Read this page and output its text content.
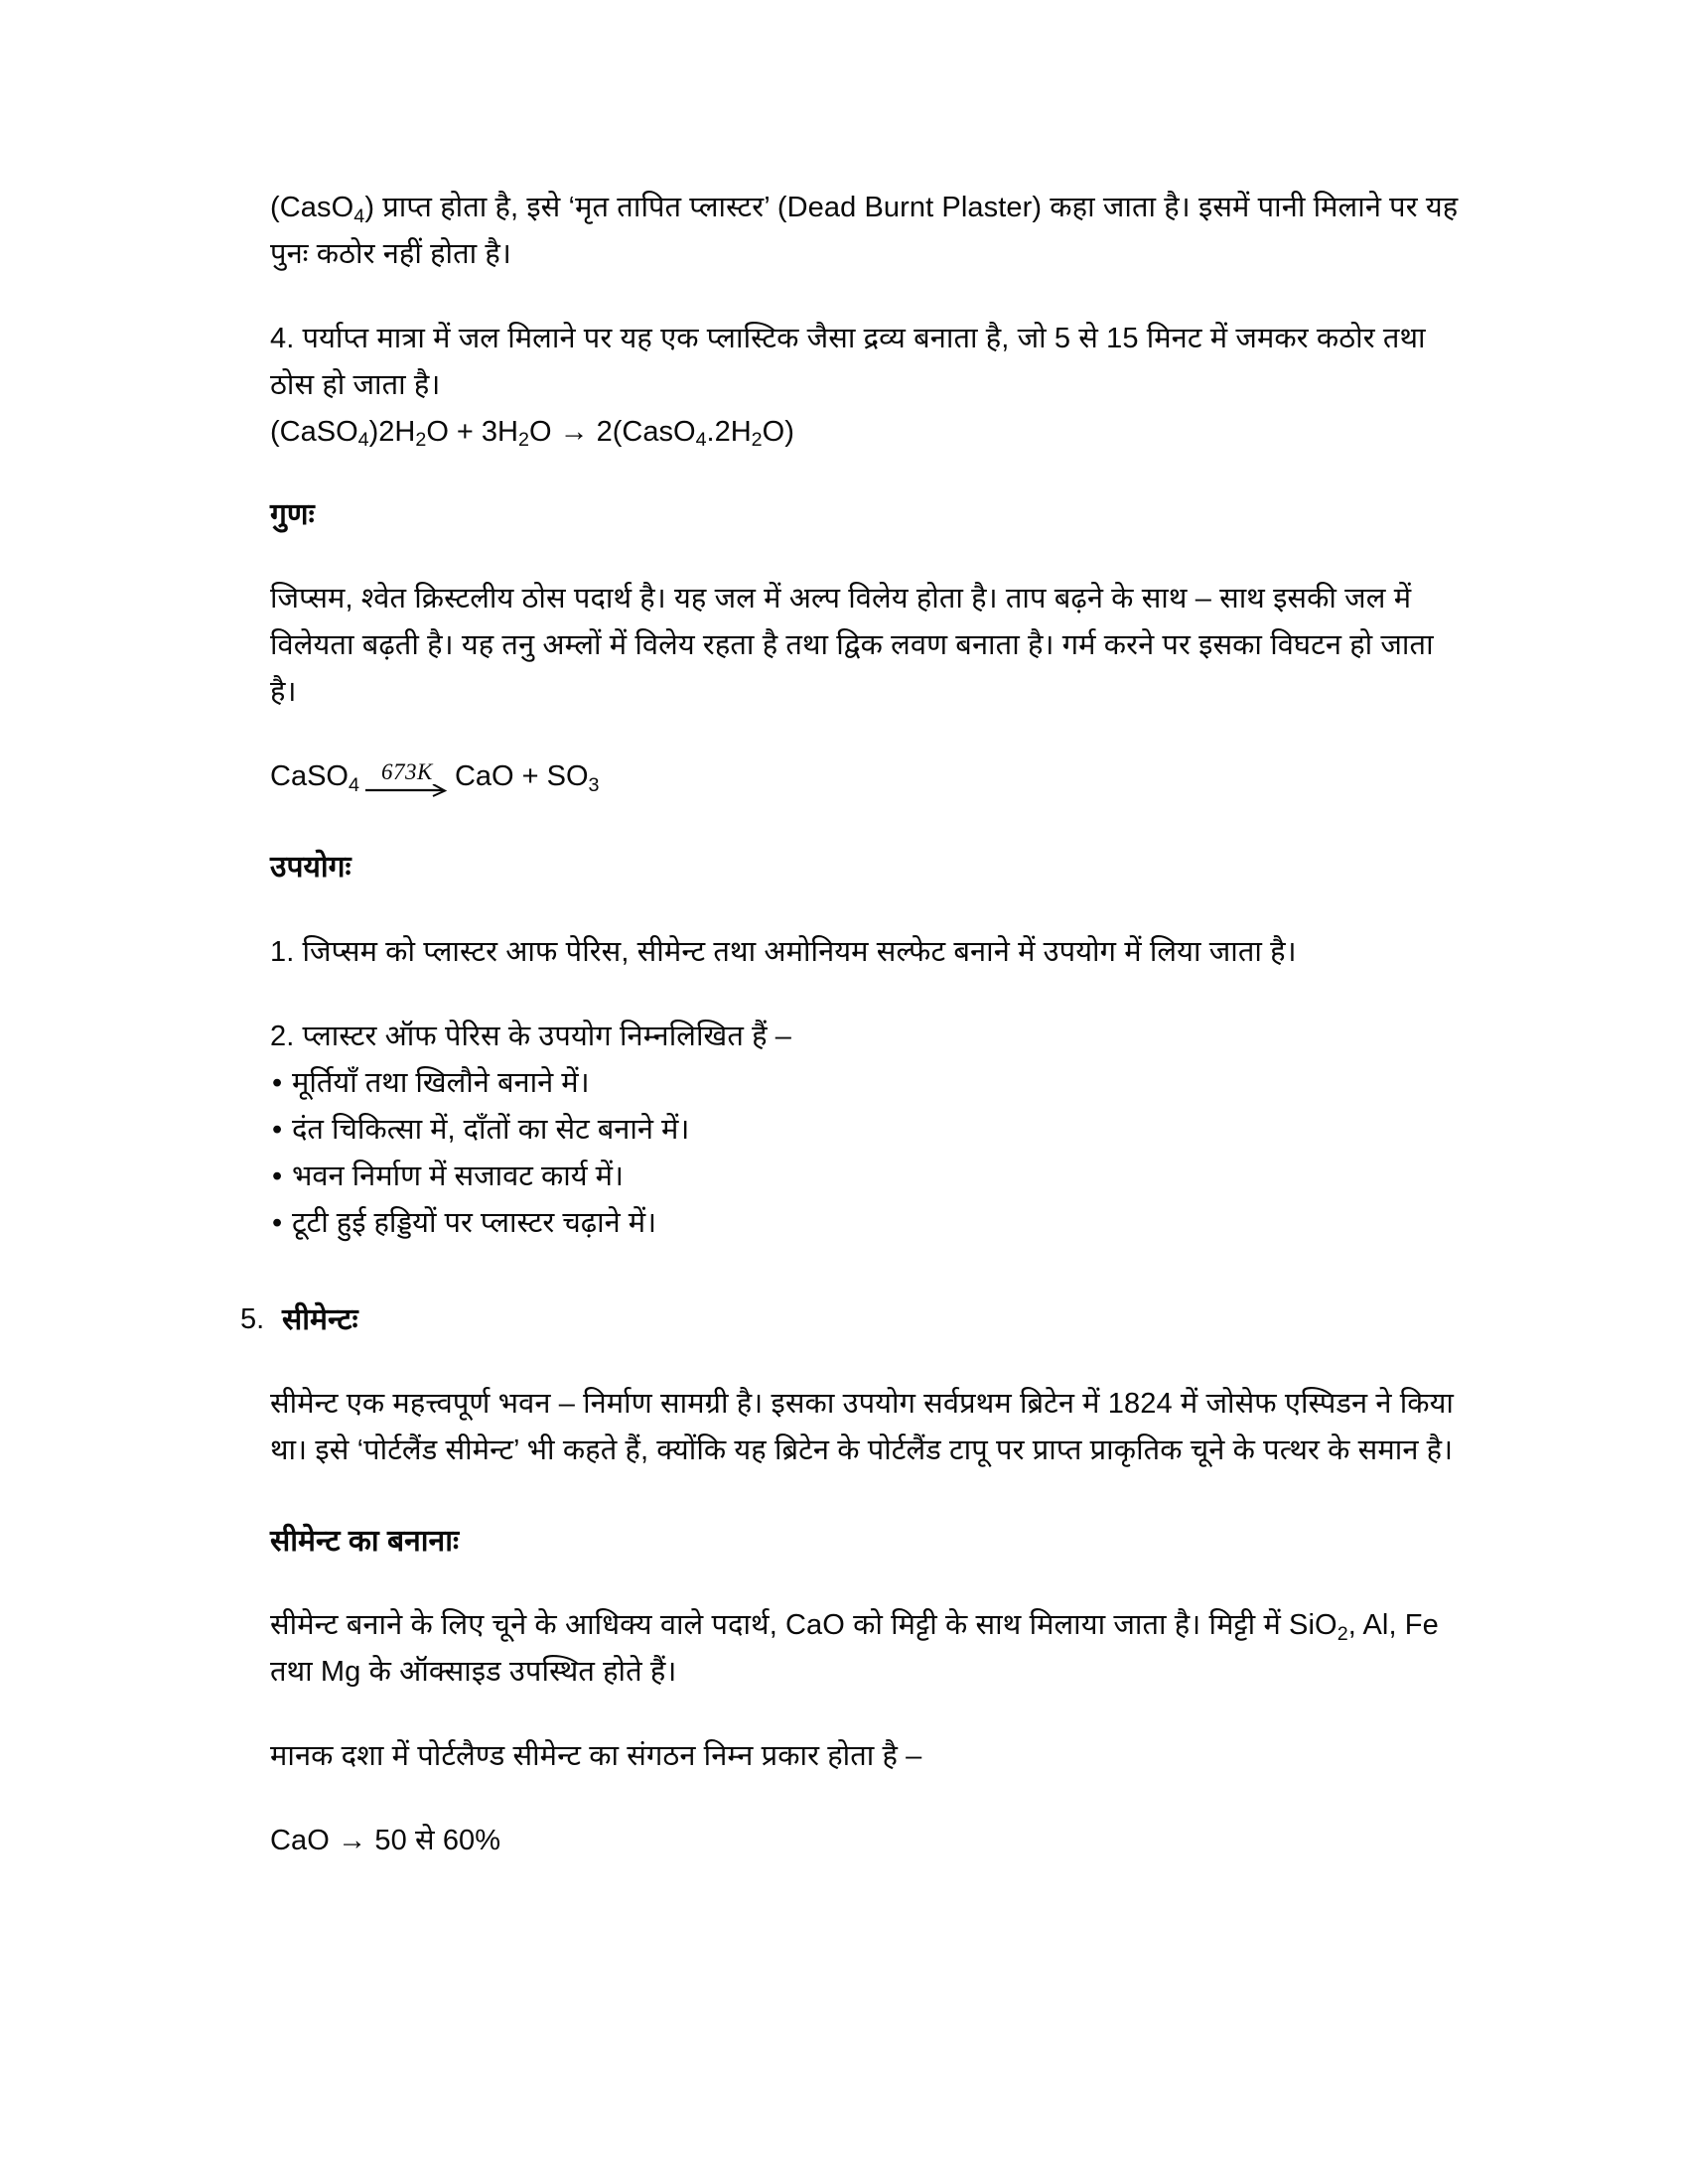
(CasO$_4$) प्राप्त होता है, इसे ‘मृत तापित प्लास्टर’ (Dead Burnt Plaster) कहा जाता है। इसमें पानी मिलाने पर यह पुनः कठोर नहीं होता है।

4. पर्याप्त मात्रा में जल मिलाने पर यह एक प्लास्टिक जैसा द्रव्य बनाता है, जो 5 से 15 मिनट में जमकर कठोर तथा ठोस हो जाता है।

$(CaSO_4)2H_2O + 3H_2O$ → $2(CasO_4.2H_2O)$

गुणः

जिप्सम, श्वेत क्रिस्टलीय ठोस पदार्थ है। यह जल में अल्प विलेय होता है। ताप बढ़ने के साथ – साथ इसकी जल में विलेयता बढ़ती है। यह तनु अम्लों में विलेय रहता है तथा द्विक लवण बनाता है। गर्म करने पर इसका विघटन हो जाता है।

CaSO$_4$
673K CaO + $SO_3$
उपयोगः

1. जिप्सम को प्लास्टर आफ पेरिस, सीमेन्ट तथा अमोनियम सल्फेट बनाने में उपयोग में लिया जाता है।

2. प्लास्टर ऑफ पेरिस के उपयोग निम्नलिखित हैं –

• मूर्तियाँ तथा खिलौने बनाने में।
• दंत चिकित्सा में, दाँतों का सेट बनाने में।
• भवन निर्माण में सजावट कार्य में।
• टूटी हुई हड्डियों पर प्लास्टर चढ़ाने में।
5. सीमेन्टः

सीमेन्ट एक महत्त्वपूर्ण भवन – निर्माण सामग्री है। इसका उपयोग सर्वप्रथम ब्रिटेन में 1824 में जोसेफ एस्पिडन ने किया था। इसे ‘पोर्टलैंड सीमेन्ट’ भी कहते हैं, क्योंकि यह ब्रिटेन के पोर्टलैंड टापू पर प्राप्त प्राकृतिक चूने के पत्थर के समान है।

सीमेन्ट का बनानाः

सीमेन्ट बनाने के लिए चूने के आधिक्य वाले पदार्थ, CaO को मिट्टी के साथ मिलाया जाता है। मिट्टी में SiO$_2$, Al, Fe तथा Mg के ऑक्साइड उपस्थित होते हैं।

मानक दशा में पोर्टलैण्ड सीमेन्ट का संगठन निम्न प्रकार होता है –

CaO → 50 से 60%
